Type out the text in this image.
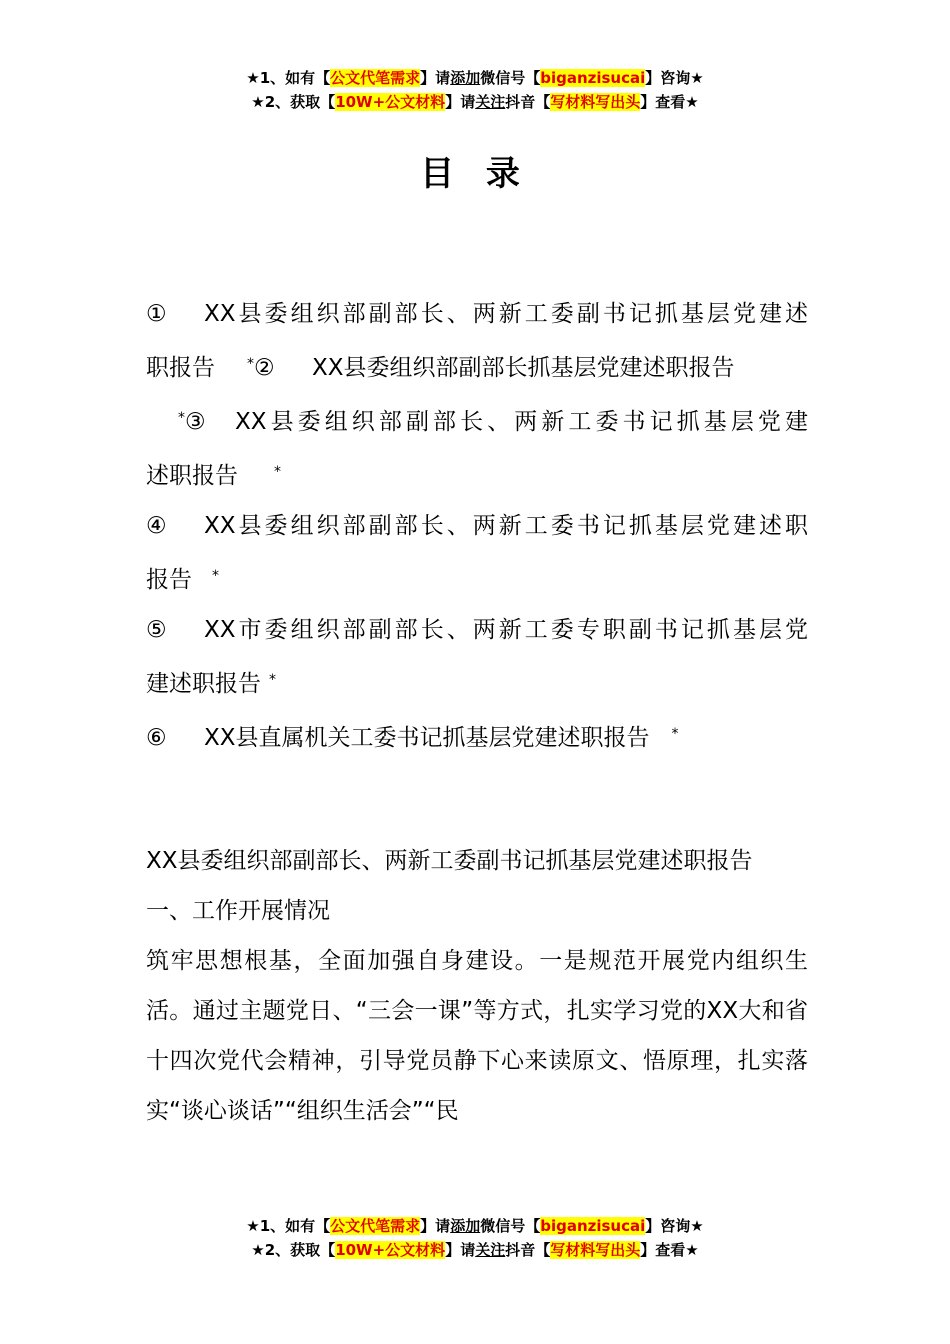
★1、如有【公文代笔需求】请添加微信号【biganzisucai】咨询★
★2、获取【10W+公文材料】请关注抖音【写材料写出头】查看★
目 录

① XX县委组织部副部长、两新工委副书记抓基层党建述

职报告 *② XX县委组织部副部长抓基层党建述职报告

*③ XX县委组织部副部长、两新工委书记抓基层党建

述职报告	*

④ XX县委组织部副部长、两新工委书记抓基层党建述职

报告 *

⑤ XX市委组织部副部长、两新工委专职副书记抓基层党

建述职报告 *

⑥ XX县直属机关工委书记抓基层党建述职报告 *

XX县委组织部副部长、两新工委副书记抓基层党建述职报告

一、工作开展情况

筑牢思想根基，全面加强自身建设。一是规范开展党内组织生活。通过主题党日、“三会一课”等方式，扎实学习党的XX大和省十四次党代会精神，引导党员静下心来读原文、悟原理，扎实落实“谈心谈话”“组织生活会”“民

★1、如有【公文代笔需求】请添加微信号【biganzisucai】咨询★
★2、获取【10W+公文材料】请关注抖音【写材料写出头】查看★
